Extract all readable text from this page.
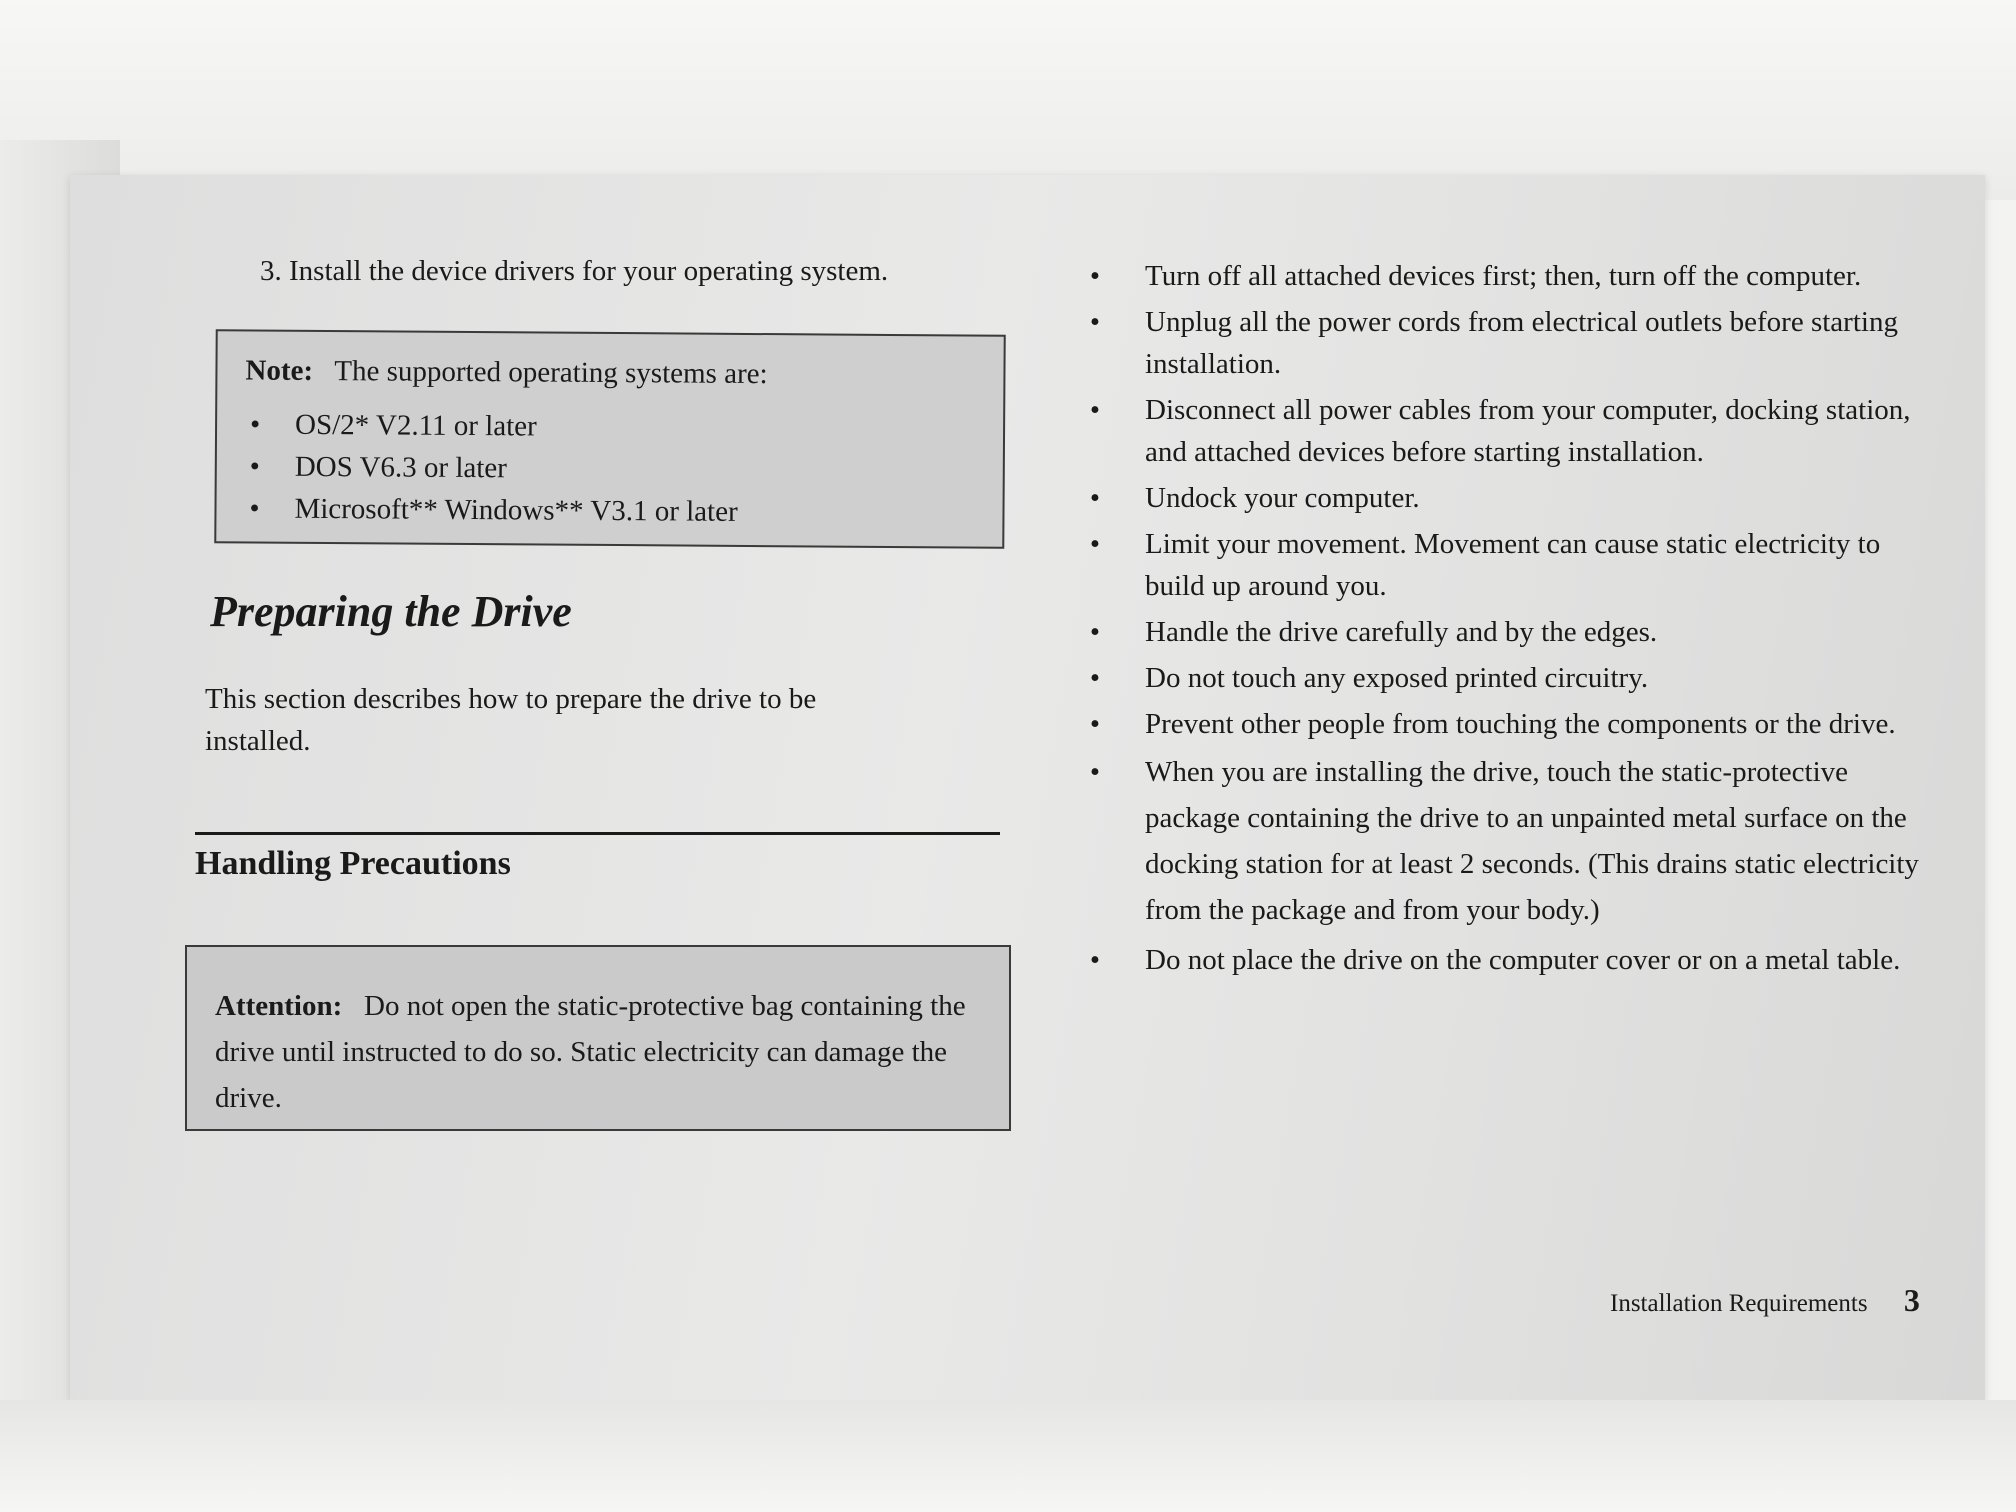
3. Install the device drivers for your operating system.

Note: The supported operating systems are:

• OS/2* V2.11 or later
• DOS V6.3 or later
• Microsoft** Windows** V3.1 or later
Preparing the Drive

This section describes how to prepare the drive to be installed.

Handling Precautions
Attention: Do not open the static-protective bag containing the drive until instructed to do so. Static electricity can damage the drive.
• Turn off all attached devices first; then, turn off the computer.
• Unplug all the power cords from electrical outlets before starting installation.
• Disconnect all power cables from your computer, docking station, and attached devices before starting installation.
• Undock your computer.
• Limit your movement. Movement can cause static electricity to build up around you.
• Handle the drive carefully and by the edges.
• Do not touch any exposed printed circuitry.
• Prevent other people from touching the components or the drive.
• When you are installing the drive, touch the static-protective package containing the drive to an unpainted metal surface on the docking station for at least 2 seconds. (This drains static electricity from the package and from your body.)
• Do not place the drive on the computer cover or on a metal table.
Installation Requirements 3
